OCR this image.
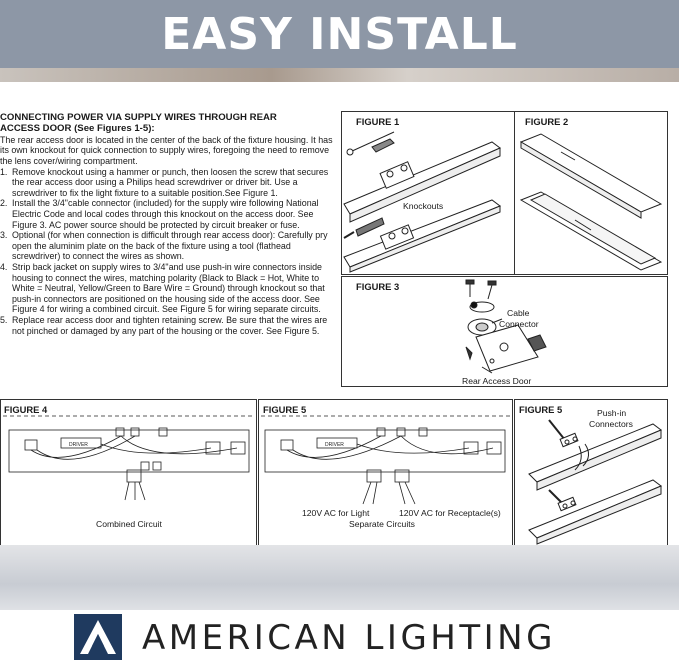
EASY INSTALL
CONNECTING POWER VIA SUPPLY WIRES THROUGH REAR
ACCESS DOOR (See Figures 1-5):

The rear access door is located in the center of the back of the fixture housing. It has its own knockout for quick connection to supply wires, foregoing the need to remove the lens cover/wiring compartment.

1. Remove knockout using a hammer or punch, then loosen the screw that secures the rear access door using a Philips head screwdriver or driver bit. Use a screwdriver to fix the light fixture to a suitable position.See Figure 1.
2. Install the 3/4"cable connector (included) for the supply wire following National Electric Code and local codes through this knockout on the access door. See Figure 3. AC power source should be protected by circuit breaker or fuse.
3. Optional (for when connection is difficult through rear access door): Carefully pry open the aluminim plate on the back of the fixture using a tool (flathead screwdriver) to connect the wires as shown.
4. Strip back jacket on supply wires to 3/4"and use push-in wire connectors inside housing to connect the wires, matching polarity (Black to Black = Hot, White to White = Neutral, Yellow/Green to Bare Wire = Ground) through knockout so that push-in connectors are positioned on the housing side of the access door. See Figure 4 for wiring a combined circuit. See Figure 5 for wiring separate circuits.
5. Replace rear access door and tighten retaining screw. Be sure that the wires are not pinched or damaged by any part of the housing or the cover. See Figure 5.
FIGURE 1
Knockouts
FIGURE 2
FIGURE 3
Cable
Connector
Rear Access Door
FIGURE 4
DRIVER
Combined Circuit
FIGURE 5
DRIVER
120V AC for Light	120V AC for Receptacle(s)
Separate Circuits
FIGURE 5	Push-in
Connectors
AMERICAN LIGHTING
